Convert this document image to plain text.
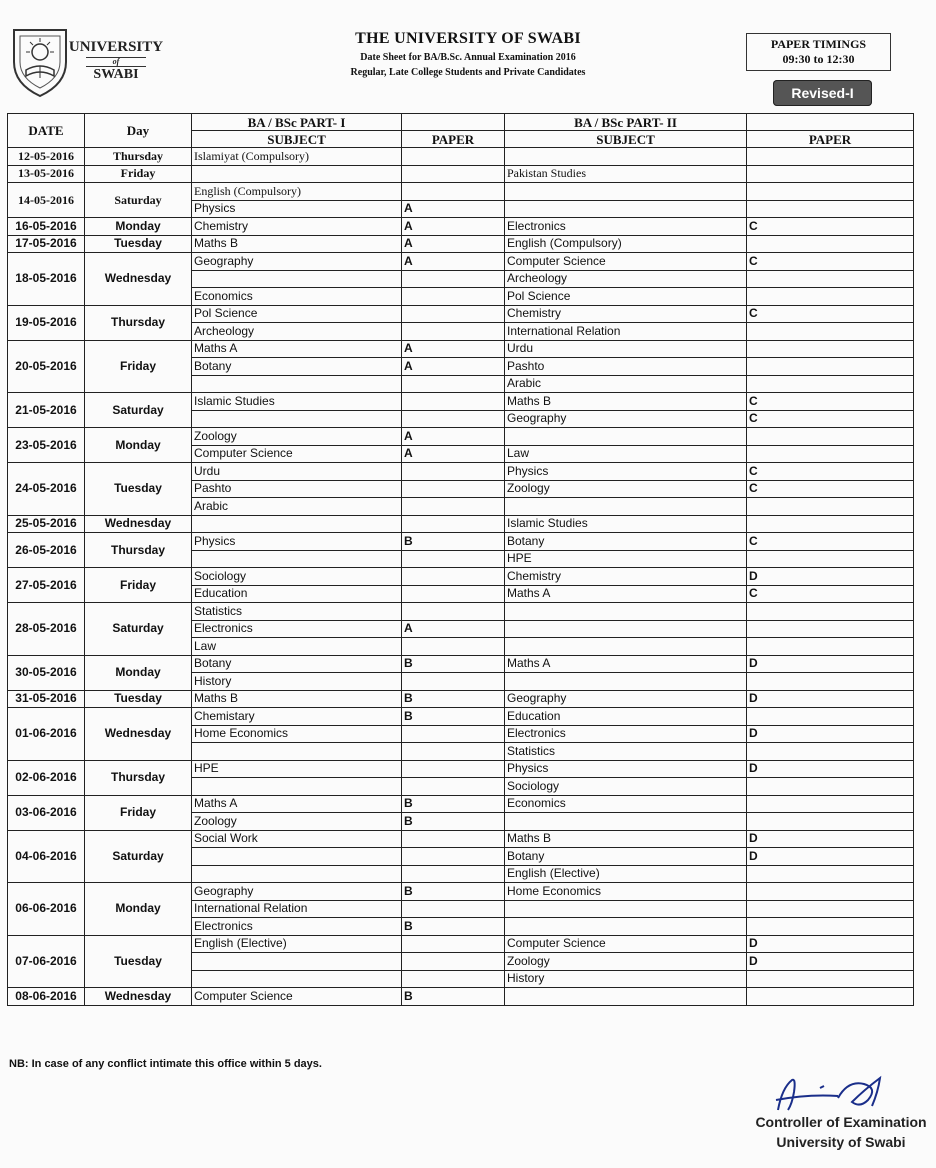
UNIVERSITY
of
SWABI
THE UNIVERSITY OF SWABI
Date Sheet for BA/B.Sc. Annual Examination 2016
Regular, Late College Students and Private Candidates
PAPER TIMINGS
09:30 to 12:30
Revised-I
DATE	Day	BA / BSc PART- I		BA / BSc PART- II	
		SUBJECT	PAPER	SUBJECT	PAPER
12-05-2016	Thursday	Islamiyat (Compulsory)			
13-05-2016	Friday			Pakistan Studies	
14-05-2016	Saturday	English (Compulsory)			
		Physics	A		
16-05-2016	Monday	Chemistry	A	Electronics	C
17-05-2016	Tuesday	Maths B	A	English (Compulsory)	
18-05-2016	Wednesday	Geography	A	Computer Science	C
				Archeology	
		Economics		Pol Science	
19-05-2016	Thursday	Pol Science		Chemistry	C
		Archeology		International Relation	
20-05-2016	Friday	Maths A	A	Urdu	
		Botany	A	Pashto	
				Arabic	
21-05-2016	Saturday	Islamic Studies		Maths B	C
				Geography	C
23-05-2016	Monday	Zoology	A		
		Computer Science	A	Law	
24-05-2016	Tuesday	Urdu		Physics	C
		Pashto		Zoology	C
		Arabic			
25-05-2016	Wednesday			Islamic Studies	
26-05-2016	Thursday	Physics	B	Botany	C
				HPE	
27-05-2016	Friday	Sociology		Chemistry	D
		Education		Maths A	C
28-05-2016	Saturday	Statistics			
		Electronics	A		
		Law			
30-05-2016	Monday	Botany	B	Maths A	D
		History			
31-05-2016	Tuesday	Maths B	B	Geography	D
01-06-2016	Wednesday	Chemistary	B	Education	
		Home Economics		Electronics	D
				Statistics	
02-06-2016	Thursday	HPE		Physics	D
				Sociology	
03-06-2016	Friday	Maths A	B	Economics	
		Zoology	B		
04-06-2016	Saturday	Social Work		Maths B	D
				Botany	D
				English (Elective)	
06-06-2016	Monday	Geography	B	Home Economics	
		International Relation			
		Electronics	B		
07-06-2016	Tuesday	English (Elective)		Computer Science	D
				Zoology	D
				History	
08-06-2016	Wednesday	Computer Science	B		
NB: In case of any conflict intimate this office within 5 days.
Controller of Examination
University of Swabi
